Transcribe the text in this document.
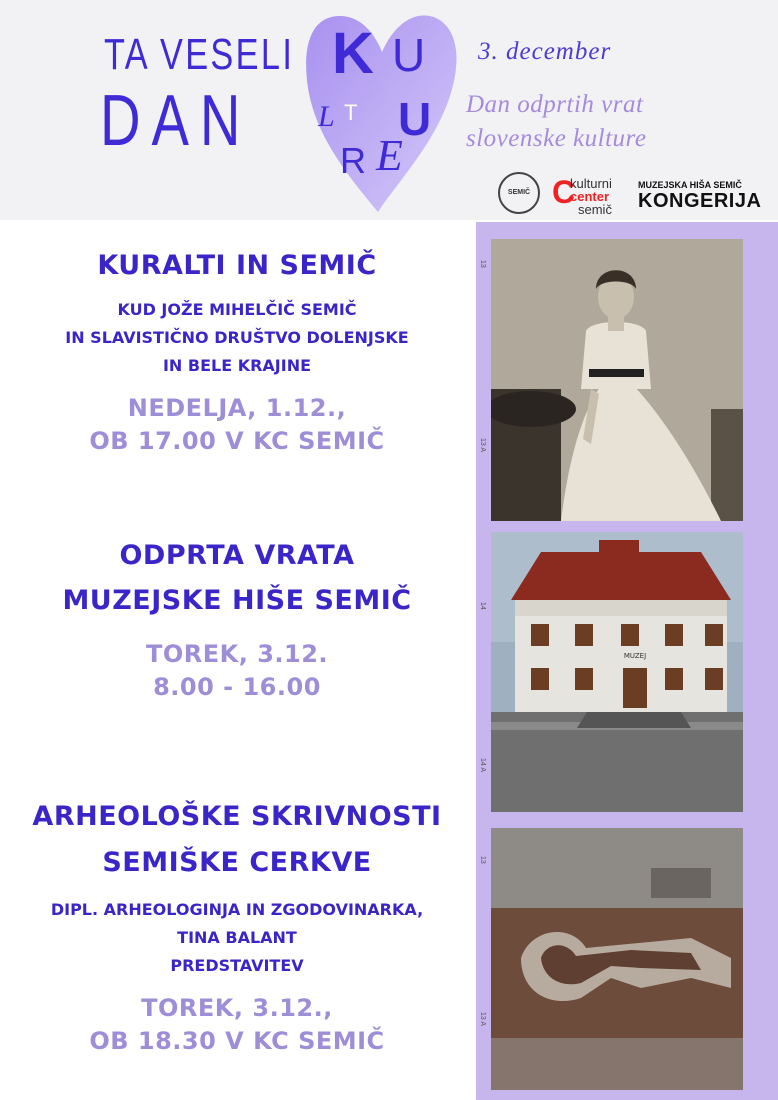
TA VESELI
DAN
K U
L T U
R E
3. december
Dan odprtih vrat
slovenske kulture
SEMIČ C
kulturni
center
semič
MUZEJSKA HIŠA SEMIČ
KONGERIJA
KURALTI IN SEMIČ
KUD JOŽE MIHELČIČ SEMIČ
IN SLAVISTIČNO DRUŠTVO DOLENJSKE
IN BELE KRAJINE
NEDELJA, 1.12.,
OB 17.00 V KC SEMIČ
ODPRTA VRATA
MUZEJSKE HIŠE SEMIČ
TOREK, 3.12.
8.00 - 16.00
ARHEOLOŠKE SKRIVNOSTI
SEMIŠKE CERKVE
DIPL. ARHEOLOGINJA IN ZGODOVINARKA,
TINA BALANT
PREDSTAVITEV
TOREK, 3.12.,
OB 18.30 V KC SEMIČ
13
13 A
14
14 A
13
13 A
MUZEJ
